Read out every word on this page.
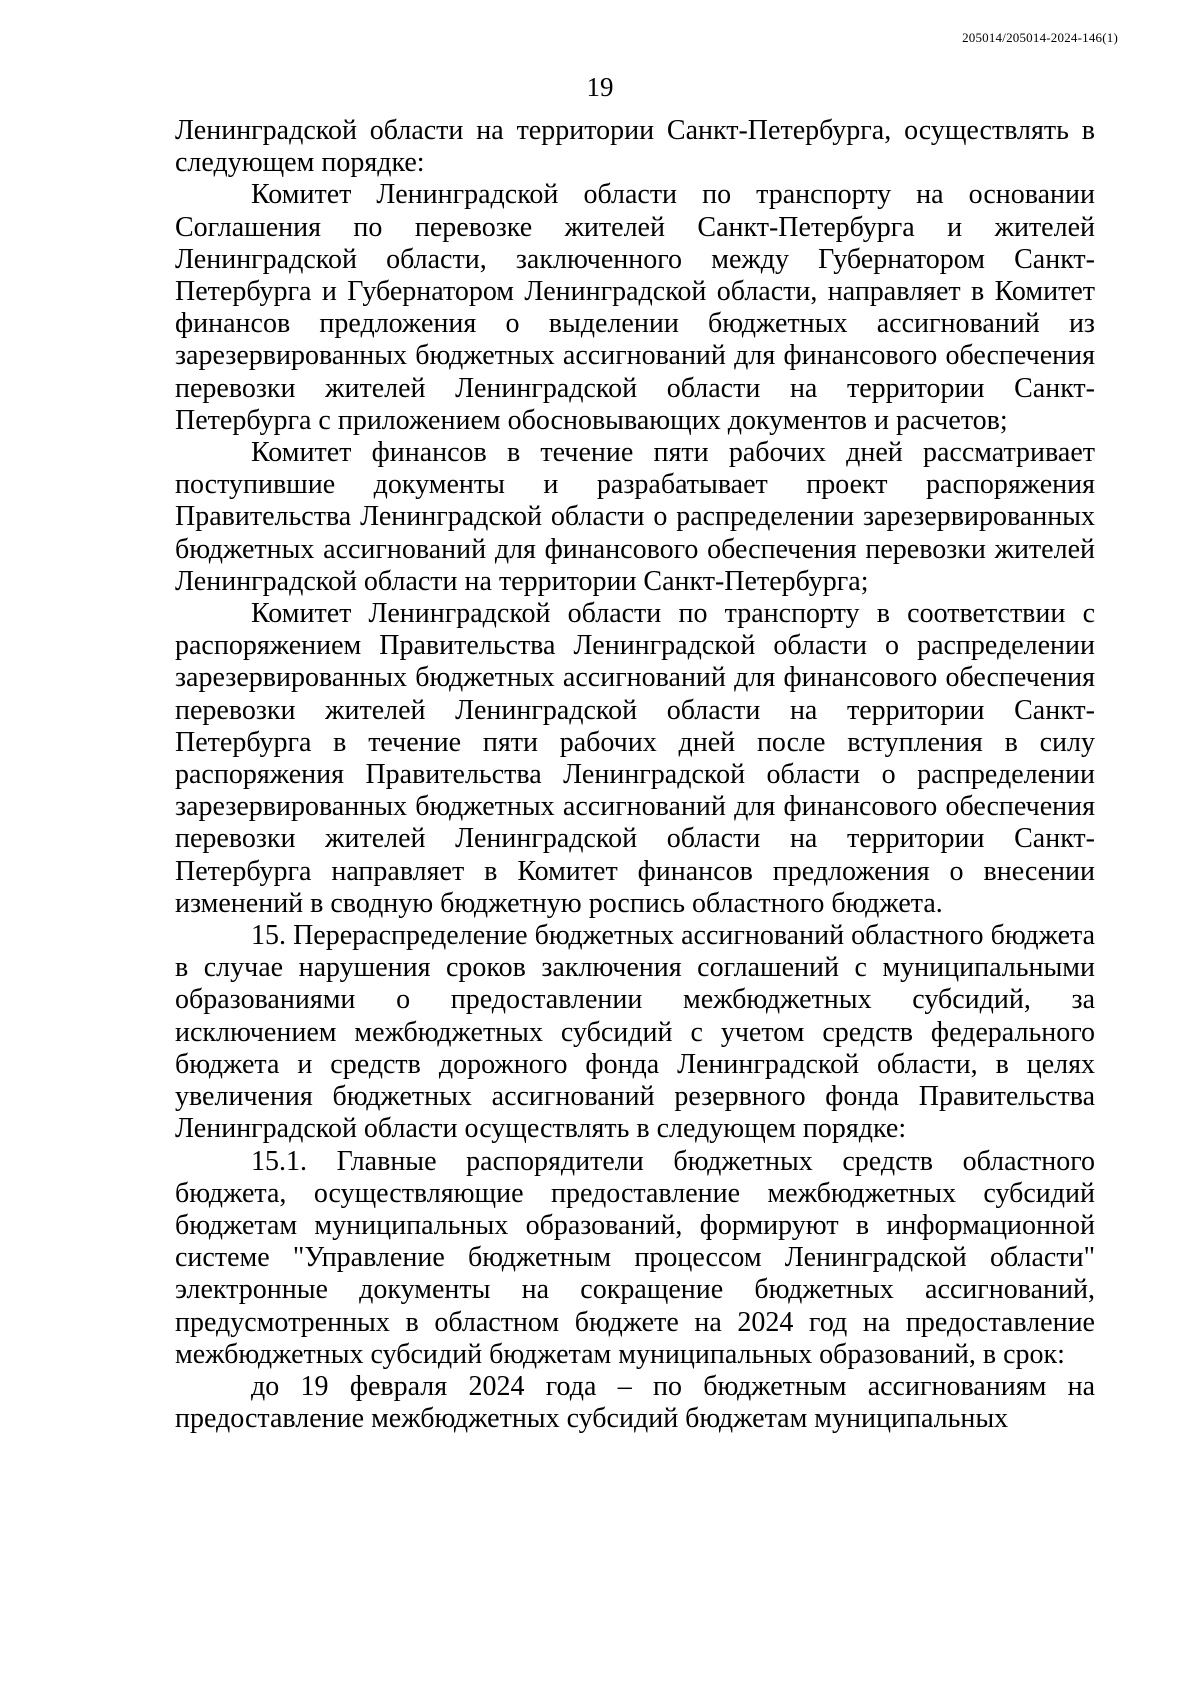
205014/205014-2024-146(1)
19

Ленинградской области на территории Санкт-Петербурга, осуществлять в следующем порядке:

Комитет Ленинградской области по транспорту на основании Соглашения по перевозке жителей Санкт-Петербурга и жителей Ленинградской области, заключенного между Губернатором Санкт-Петербурга и Губернатором Ленинградской области, направляет в Комитет финансов предложения о выделении бюджетных ассигнований из зарезервированных бюджетных ассигнований для финансового обеспечения перевозки жителей Ленинградской области на территории Санкт-Петербурга с приложением обосновывающих документов и расчетов;

Комитет финансов в течение пяти рабочих дней рассматривает поступившие документы и разрабатывает проект распоряжения Правительства Ленинградской области о распределении зарезервированных бюджетных ассигнований для финансового обеспечения перевозки жителей Ленинградской области на территории Санкт-Петербурга;

Комитет Ленинградской области по транспорту в соответствии с распоряжением Правительства Ленинградской области о распределении зарезервированных бюджетных ассигнований для финансового обеспечения перевозки жителей Ленинградской области на территории Санкт-Петербурга в течение пяти рабочих дней после вступления в силу распоряжения Правительства Ленинградской области о распределении зарезервированных бюджетных ассигнований для финансового обеспечения перевозки жителей Ленинградской области на территории Санкт-Петербурга направляет в Комитет финансов предложения о внесении изменений в сводную бюджетную роспись областного бюджета.

15. Перераспределение бюджетных ассигнований областного бюджета в случае нарушения сроков заключения соглашений с муниципальными образованиями о предоставлении межбюджетных субсидий, за исключением межбюджетных субсидий с учетом средств федерального бюджета и средств дорожного фонда Ленинградской области, в целях увеличения бюджетных ассигнований резервного фонда Правительства Ленинградской области осуществлять в следующем порядке:

15.1. Главные распорядители бюджетных средств областного бюджета, осуществляющие предоставление межбюджетных субсидий бюджетам муниципальных образований, формируют в информационной системе "Управление бюджетным процессом Ленинградской области" электронные документы на сокращение бюджетных ассигнований, предусмотренных в областном бюджете на 2024 год на предоставление межбюджетных субсидий бюджетам муниципальных образований, в срок:

до 19 февраля 2024 года – по бюджетным ассигнованиям на предоставление межбюджетных субсидий бюджетам муниципальных
